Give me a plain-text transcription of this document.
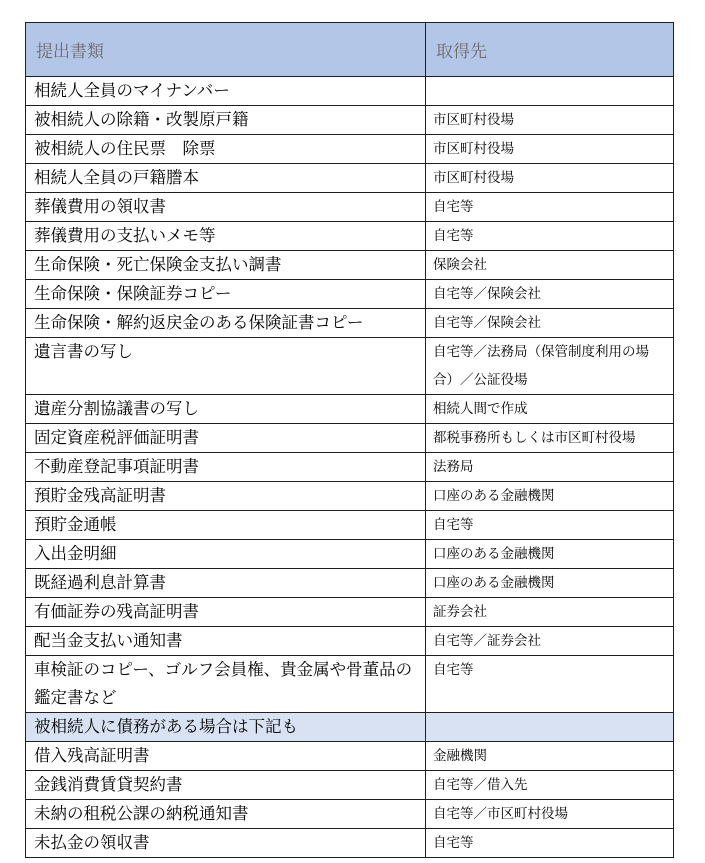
提出書類	取得先
相続人全員のマイナンバー	
被相続人の除籍・改製原戸籍	市区町村役場
被相続人の住民票　除票	市区町村役場
相続人全員の戸籍謄本	市区町村役場
葬儀費用の領収書	自宅等
葬儀費用の支払いメモ等	自宅等
生命保険・死亡保険金支払い調書	保険会社
生命保険・保険証券コピー	自宅等／保険会社
生命保険・解約返戻金のある保険証書コピー	自宅等／保険会社
遺言書の写し	自宅等／法務局（保管制度利用の場合）／公証役場
遺産分割協議書の写し	相続人間で作成
固定資産税評価証明書	都税事務所もしくは市区町村役場
不動産登記事項証明書	法務局
預貯金残高証明書	口座のある金融機関
預貯金通帳	自宅等
入出金明細	口座のある金融機関
既経過利息計算書	口座のある金融機関
有価証券の残高証明書	証券会社
配当金支払い通知書	自宅等／証券会社
車検証のコピー、ゴルフ会員権、貴金属や骨董品の鑑定書など	自宅等
被相続人に債務がある場合は下記も	
借入残高証明書	金融機関
金銭消費賃貸契約書	自宅等／借入先
未納の租税公課の納税通知書	自宅等／市区町村役場
未払金の領収書	自宅等
